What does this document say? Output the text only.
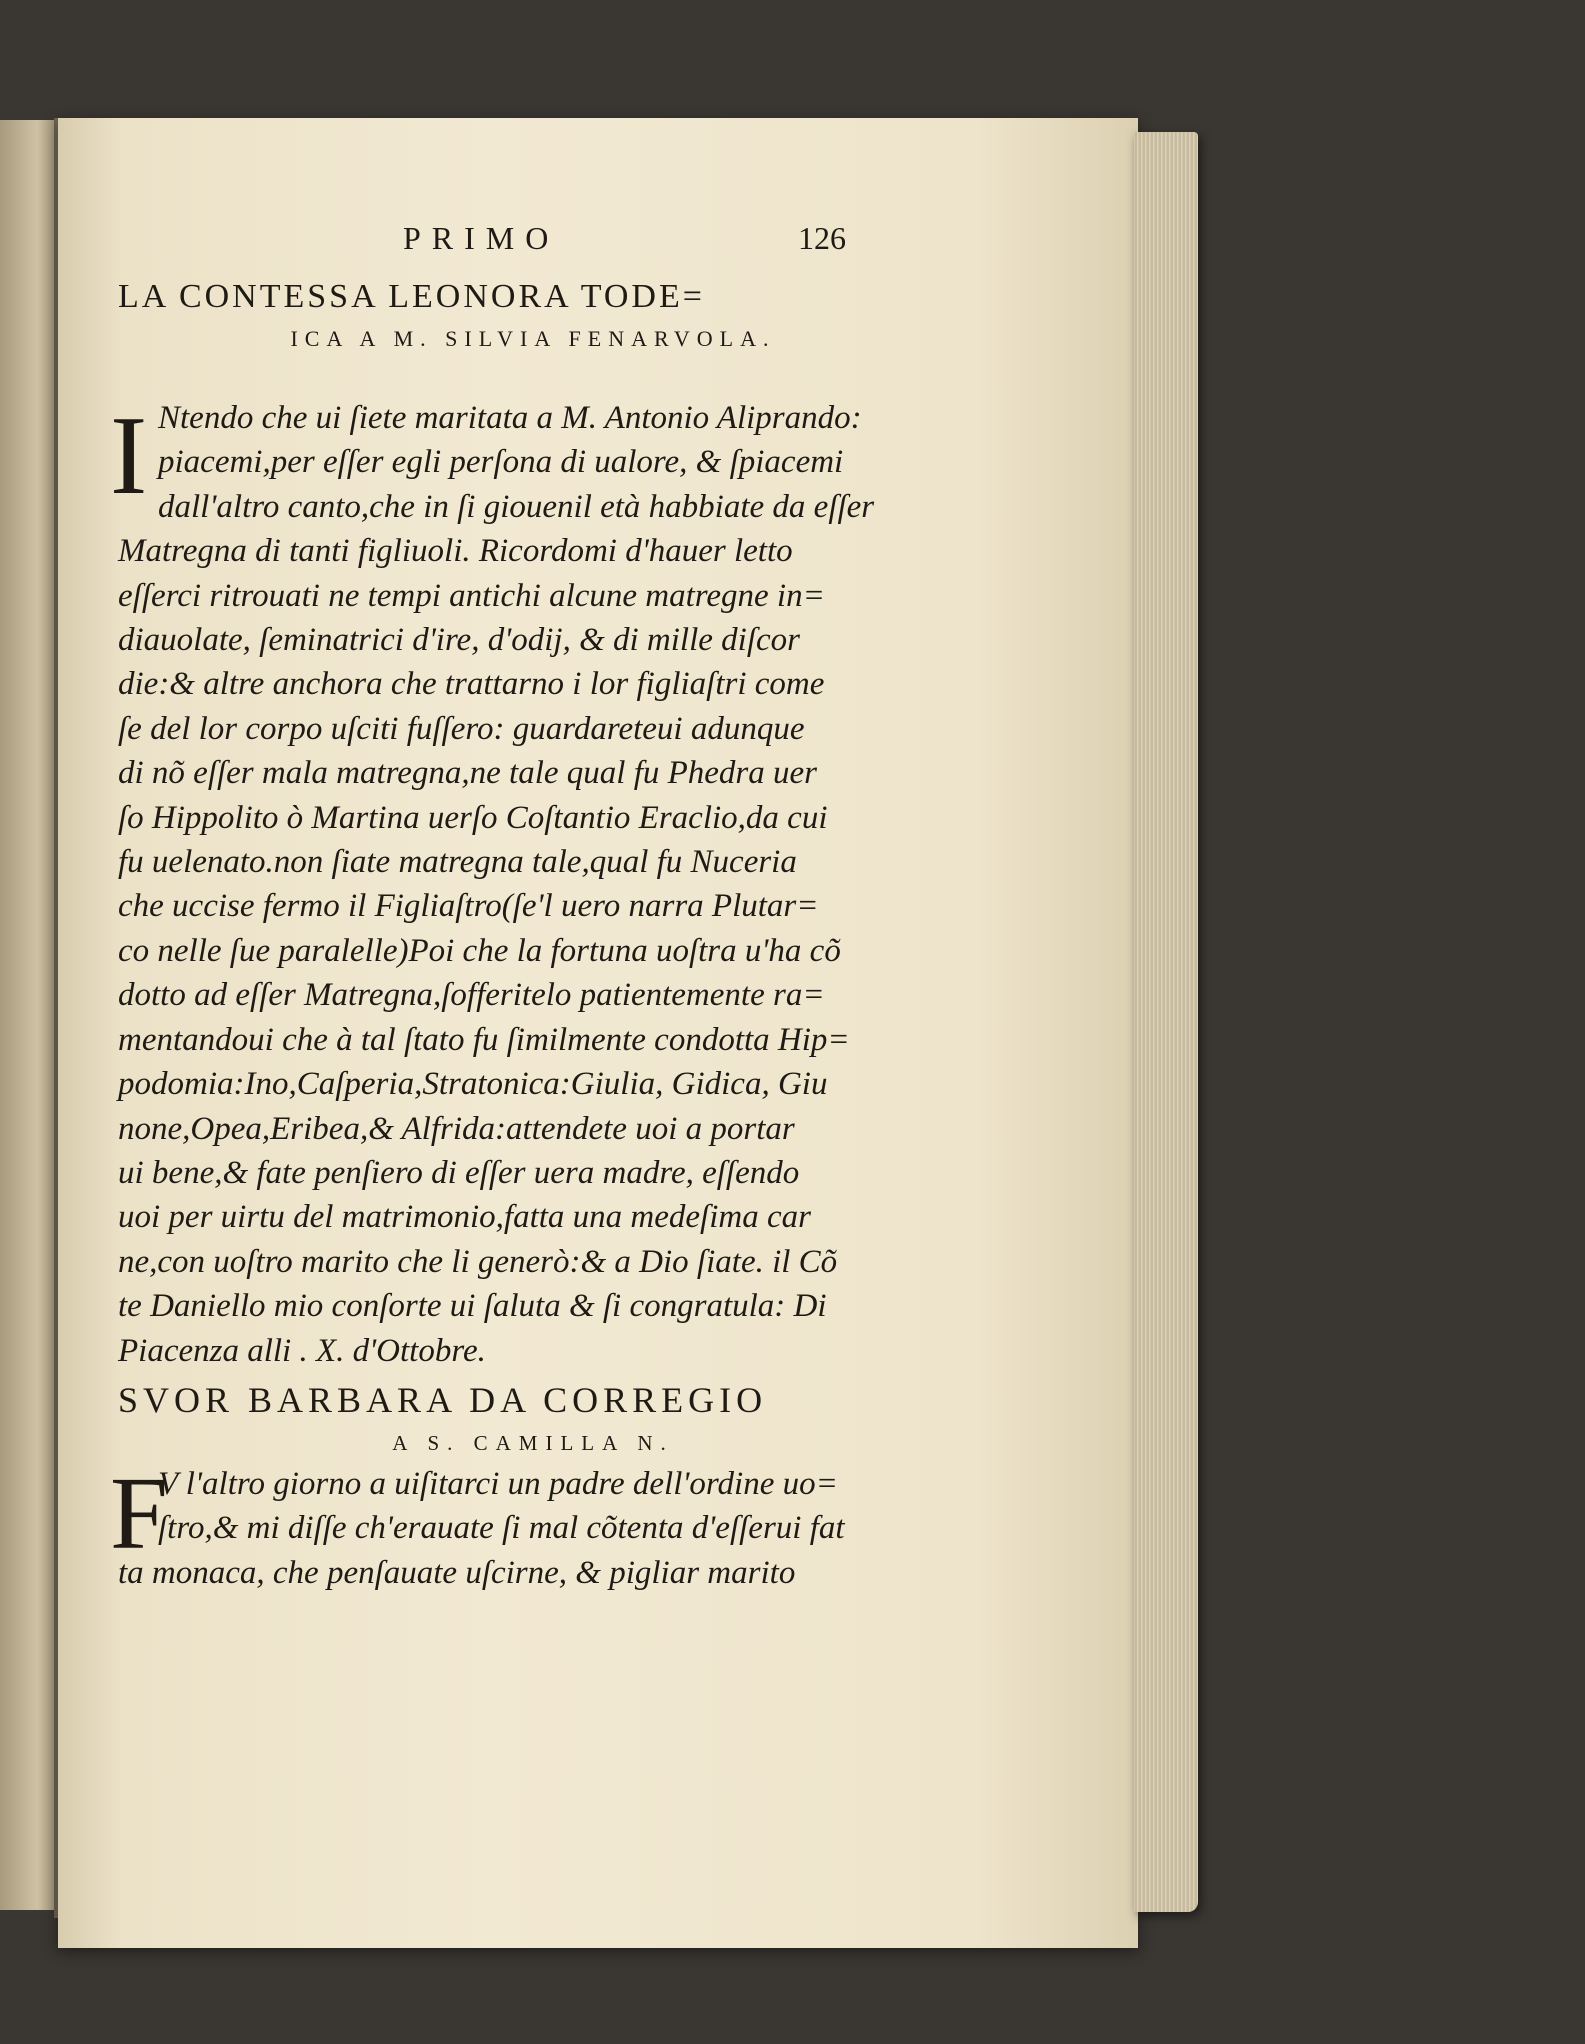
PRIMO	126
LA CONTESSA LEONORA TODE=
ICA A M. SILVIA FENARVOLA.
I Ntendo che ui ſiete maritata a M. Antonio Aliprando:
piacemi,per eſſer egli perſona di ualore, & ſpiacemi
dall'altro canto,che in ſi giouenil età habbiate da eſſer
Matregna di tanti figliuoli. Ricordomi d'hauer letto
eſſerci ritrouati ne tempi antichi alcune matregne in=
diauolate, ſeminatrici d'ire, d'odij, & di mille diſcor
die:& altre anchora che trattarno i lor figliaſtri come
ſe del lor corpo uſciti fuſſero: guardareteui adunque
di nõ eſſer mala matregna,ne tale qual fu Phedra uer
ſo Hippolito ò Martina uerſo Coſtantio Eraclio,da cui
fu uelenato.non ſiate matregna tale,qual fu Nuceria
che uccise fermo il Figliaſtro(ſe'l uero narra Plutar=
co nelle ſue paralelle)Poi che la fortuna uoſtra u'ha cõ
dotto ad eſſer Matregna,ſofferitelo patientemente ra=
mentandoui che à tal ſtato fu ſimilmente condotta Hip=
podomia:Ino,Caſperia,Stratonica:Giulia, Gidica, Giu
none,Opea,Eribea,& Alfrida:attendete uoi a portar
ui bene,& fate penſiero di eſſer uera madre, eſſendo
uoi per uirtu del matrimonio,fatta una medeſima car
ne,con uoſtro marito che li generò:& a Dio ſiate. il Cõ
te Daniello mio conſorte ui ſaluta & ſi congratula: Di
Piacenza alli . X. d'Ottobre.
SVOR BARBARA DA CORREGIO
A S. CAMILLA N.
F
V l'altro giorno a uiſitarci un padre dell'ordine uo=
ſtro,& mi diſſe ch'erauate ſi mal cõtenta d'eſſerui fat
ta monaca, che penſauate uſcirne, & pigliar marito
